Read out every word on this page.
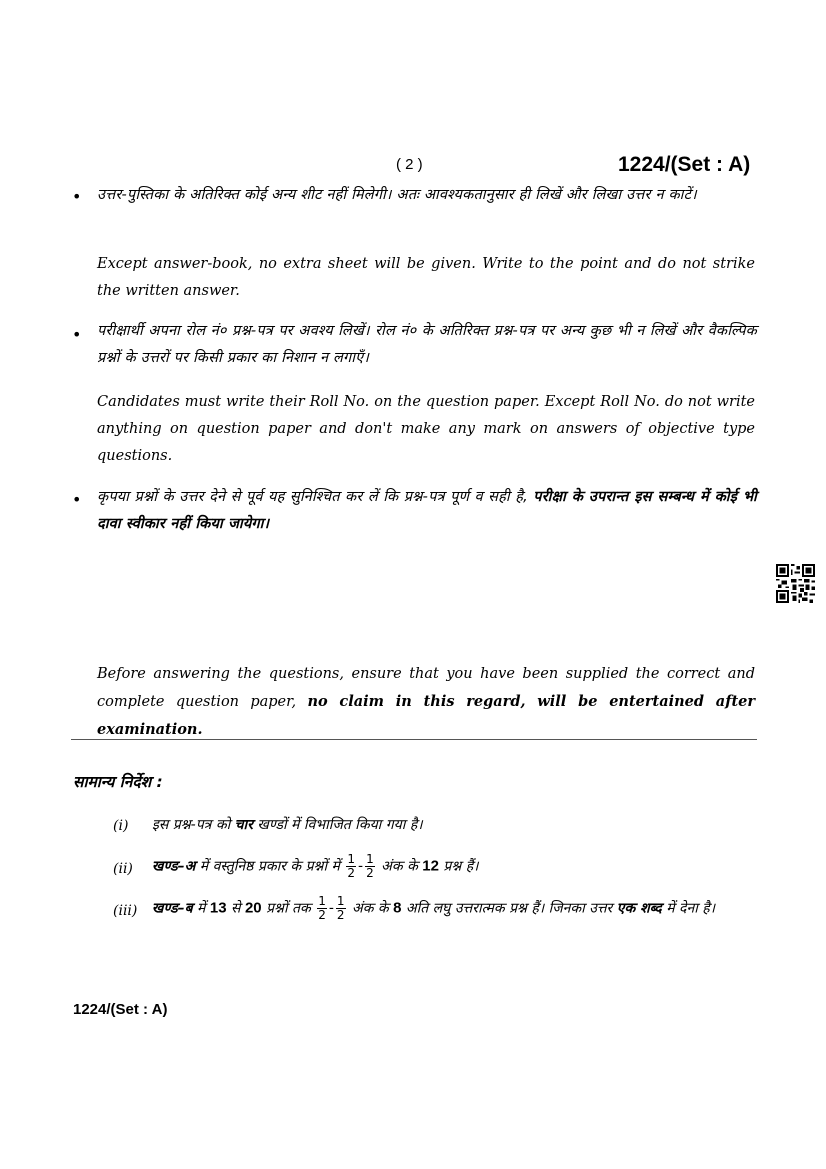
( 2 )	1224/(Set : A)
• उत्तर-पुस्तिका के अतिरिक्त कोई अन्य शीट नहीं मिलेगी। अतः आवश्यकतानुसार ही लिखें और लिखा उत्तर न काटें।
Except answer-book, no extra sheet will be given. Write to the point and do not strike the written answer.
• परीक्षार्थी अपना रोल नं० प्रश्न-पत्र पर अवश्य लिखें। रोल नं० के अतिरिक्त प्रश्न-पत्र पर अन्य कुछ भी न लिखें और वैकल्पिक प्रश्नों के उत्तरों पर किसी प्रकार का निशान न लगाएँ।
Candidates must write their Roll No. on the question paper. Except Roll No. do not write anything on question paper and don't make any mark on answers of objective type questions.
• कृपया प्रश्नों के उत्तर देने से पूर्व यह सुनिश्चित कर लें कि प्रश्न-पत्र पूर्ण व सही है, परीक्षा के उपरान्त इस सम्बन्ध में कोई भी दावा स्वीकार नहीं किया जायेगा।
Before answering the questions, ensure that you have been supplied the correct and complete question paper, no claim in this regard, will be entertained after examination.
सामान्य निर्देश :
(i) इस प्रश्न-पत्र को चार खण्डों में विभाजित किया गया है।
(ii) खण्ड–अ में वस्तुनिष्ठ प्रकार के प्रश्नों में $\frac{1}{2} - \frac{1}{2}$ अंक के 12 प्रश्न हैं।
(iii) खण्ड–ब में 13 से 20 प्रश्नों तक $\frac{1}{2} - \frac{1}{2}$ अंक के 8 अति लघु उत्तरात्मक प्रश्न हैं। जिनका उत्तर एक शब्द में देना है।
1224/(Set : A)
